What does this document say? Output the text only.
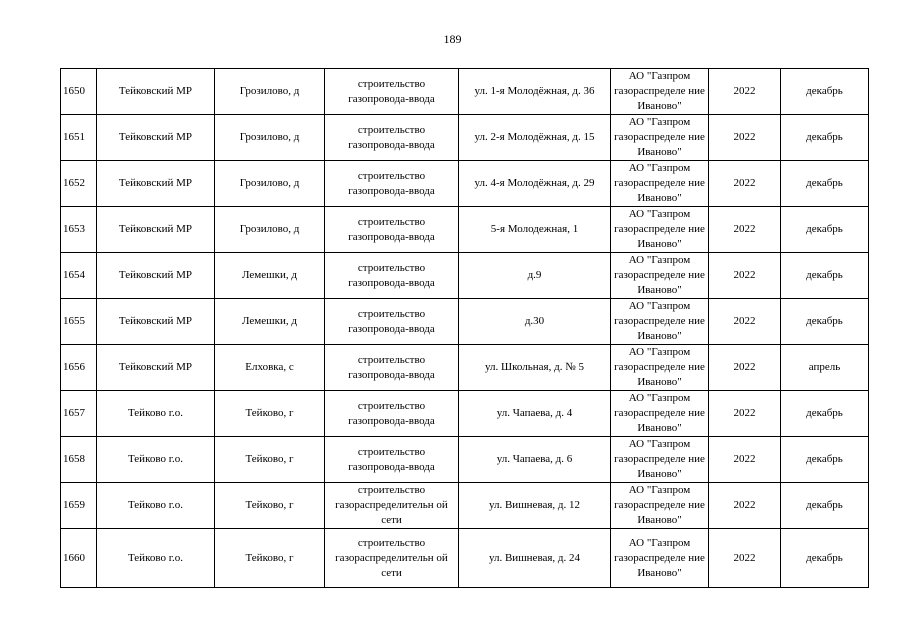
189
1650	Тейковский МР	Грозилово, д	строительство газопровода-ввода	ул. 1-я Молодёжная, д. 36	АО "Газпром газораспределе ние Иваново"	2022	декабрь
1651	Тейковский МР	Грозилово, д	строительство газопровода-ввода	ул. 2-я Молодёжная, д. 15	АО "Газпром газораспределе ние Иваново"	2022	декабрь
1652	Тейковский МР	Грозилово, д	строительство газопровода-ввода	ул. 4-я Молодёжная, д. 29	АО "Газпром газораспределе ние Иваново"	2022	декабрь
1653	Тейковский МР	Грозилово, д	строительство газопровода-ввода	5-я Молодежная, 1	АО "Газпром газораспределе ние Иваново"	2022	декабрь
1654	Тейковский МР	Лемешки, д	строительство газопровода-ввода	д.9	АО "Газпром газораспределе ние Иваново"	2022	декабрь
1655	Тейковский МР	Лемешки, д	строительство газопровода-ввода	д.30	АО "Газпром газораспределе ние Иваново"	2022	декабрь
1656	Тейковский МР	Елховка, с	строительство газопровода-ввода	ул. Школьная, д. № 5	АО "Газпром газораспределе ние Иваново"	2022	апрель
1657	Тейково г.о.	Тейково, г	строительство газопровода-ввода	ул. Чапаева, д. 4	АО "Газпром газораспределе ние Иваново"	2022	декабрь
1658	Тейково г.о.	Тейково, г	строительство газопровода-ввода	ул. Чапаева, д. 6	АО "Газпром газораспределе ние Иваново"	2022	декабрь
1659	Тейково г.о.	Тейково, г	строительство газораспределительн ой сети	ул. Вишневая, д. 12	АО "Газпром газораспределе ние Иваново"	2022	декабрь
1660	Тейково г.о.	Тейково, г	строительство газораспределительн ой сети	ул. Вишневая, д. 24	АО "Газпром газораспределе ние Иваново"	2022	декабрь
